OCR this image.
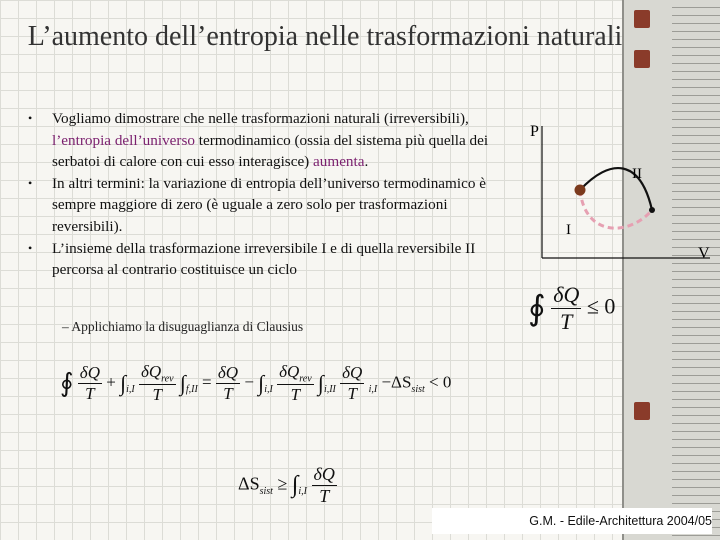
L’aumento dell’entropia nelle trasformazioni naturali
• Vogliamo dimostrare che nelle trasformazioni naturali (irreversibili), l’entropia dell’universo termodinamico (ossia del sistema più quella dei serbatoi di calore con cui esso interagisce) aumenta.
• In altri termini: la variazione di entropia dell’universo termodinamico è sempre maggiore di zero (è uguale a zero solo per trasformazioni reversibili).
• L’insieme della trasformazione irreversibile I e di quella reversibile II percorsa al contrario costituisce un ciclo
– Applichiamo la disuguaglianza di Clausius
P
V
II
I
∮ $\frac{\delta Q}{T} \le 0$
∮ $\frac{\delta Q}{T} + \int_{i,I} \frac{\delta Q_{rev}}{T} \int_{f,II} = \frac{\delta Q}{T} - \int_{i,I} \frac{\delta Q_{rev}}{T} \int_{i,II} \frac{\delta Q}{T} _{i,I} -\Delta S_{sist} < 0$
$\Delta S_{sist} \ge \int_{i,I} \frac{\delta Q}{T}$
G.M. - Edile-Architettura 2004/05
